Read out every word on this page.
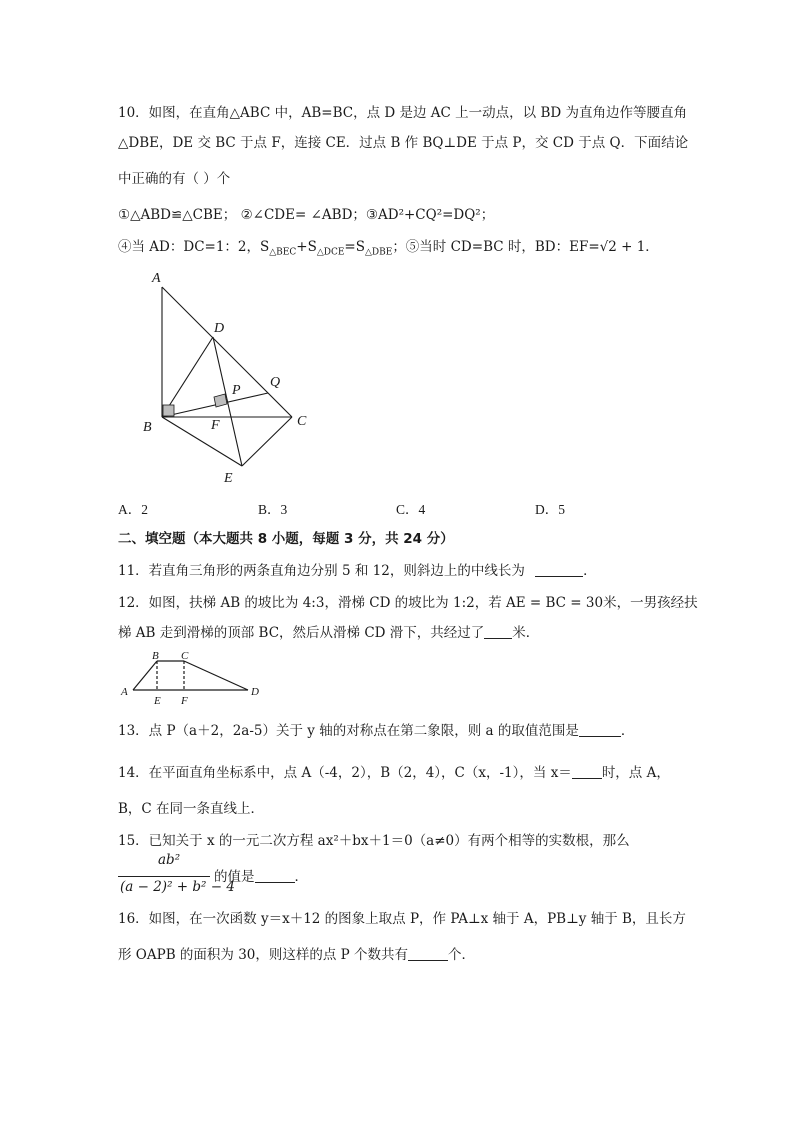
10．如图，在直角△ABC 中，AB=BC，点 D 是边 AC 上一动点，以 BD 为直角边作等腰直角
△DBE，DE 交 BC 于点 F，连接 CE．过点 B 作 BQ⊥DE 于点 P，交 CD 于点 Q．下面结论
中正确的有（ ）个
①△ABD≌△CBE； ②∠CDE= ∠ABD；③AD²+CQ²=DQ²；
④当 AD：DC=1：2，$S_{\triangle BEC}+S_{\triangle DCE}=S_{\triangle DBE}$；⑤当时 CD=BC 时，BD：EF=√2 + 1．
A
B	C
D
E
F
P
Q
A．2	B．3	C．4	D．5
二、填空题（本大题共 8 小题，每题 3 分，共 24 分）
11．若直角三角形的两条直角边分别 5 和 12，则斜边上的中线长为	．
12．如图，扶梯 AB 的坡比为 4:3，滑梯 CD 的坡比为 1:2，若 AE = BC = 30米，一男孩经扶
梯 AB 走到滑梯的顶部 BC，然后从滑梯 CD 滑下，共经过了 米．
A
B C
D
E F
13．点 P（a＋2，2a-5）关于 y 轴的对称点在第二象限，则 a 的取值范围是	．
14．在平面直角坐标系中，点 A（-4，2），B（2，4），C（x，-1），当 x＝ 时，点 A，
B，C 在同一条直线上．
15．已知关于 x 的一元二次方程 ax²＋bx＋1＝0（a≠0）有两个相等的实数根，那么
ab²
(a − 2)² + b² − 4
的值是	．
16．如图，在一次函数 y＝x＋12 的图象上取点 P，作 PA⊥x 轴于 A，PB⊥y 轴于 B，且长方
形 OAPB 的面积为 30，则这样的点 P 个数共有	个．
